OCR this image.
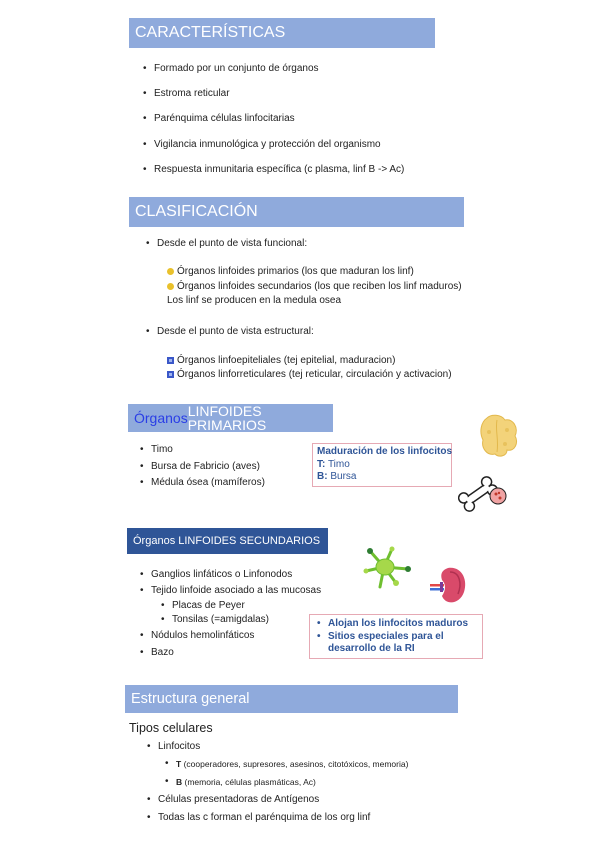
CARACTERÍSTICAS
• Formado por un conjunto de órganos
• Estroma reticular
• Parénquima células linfocitarias
• Vigilancia inmunológica y protección del organismo
• Respuesta inmunitaria específica (c plasma, linf B -> Ac)
CLASIFICACIÓN
• Desde el punto de vista funcional:
Órganos linfoides primarios (los que maduran los linf)
Órganos linfoides secundarios (los que reciben los linf maduros)
Los linf se producen en la medula osea
• Desde el punto de vista estructural:
Órganos linfoepiteliales (tej epitelial, maduracion)
Órganos linforreticulares (tej reticular, circulación y activacion)
Órganos LINFOIDES PRIMARIOS
• Timo
• Bursa de Fabricio (aves)
• Médula ósea (mamíferos)
Maduración de los linfocitos
T: Timo
B: Bursa
Órganos LINFOIDES SECUNDARIOS
• Ganglios linfáticos o Linfonodos
• Tejido linfoide asociado a las mucosas
• Placas de Peyer
• Tonsilas (=amigdalas)
• Nódulos hemolinfáticos
• Bazo
• Alojan los linfocitos maduros
• Sitios especiales para el
desarrollo de la RI
Estructura general
Tipos celulares
• Linfocitos
• T (cooperadores, supresores, asesinos, citotóxicos, memoria)
• B (memoria, células plasmáticas, Ac)
• Células presentadoras de Antígenos
• Todas las c forman el parénquima de los org linf
